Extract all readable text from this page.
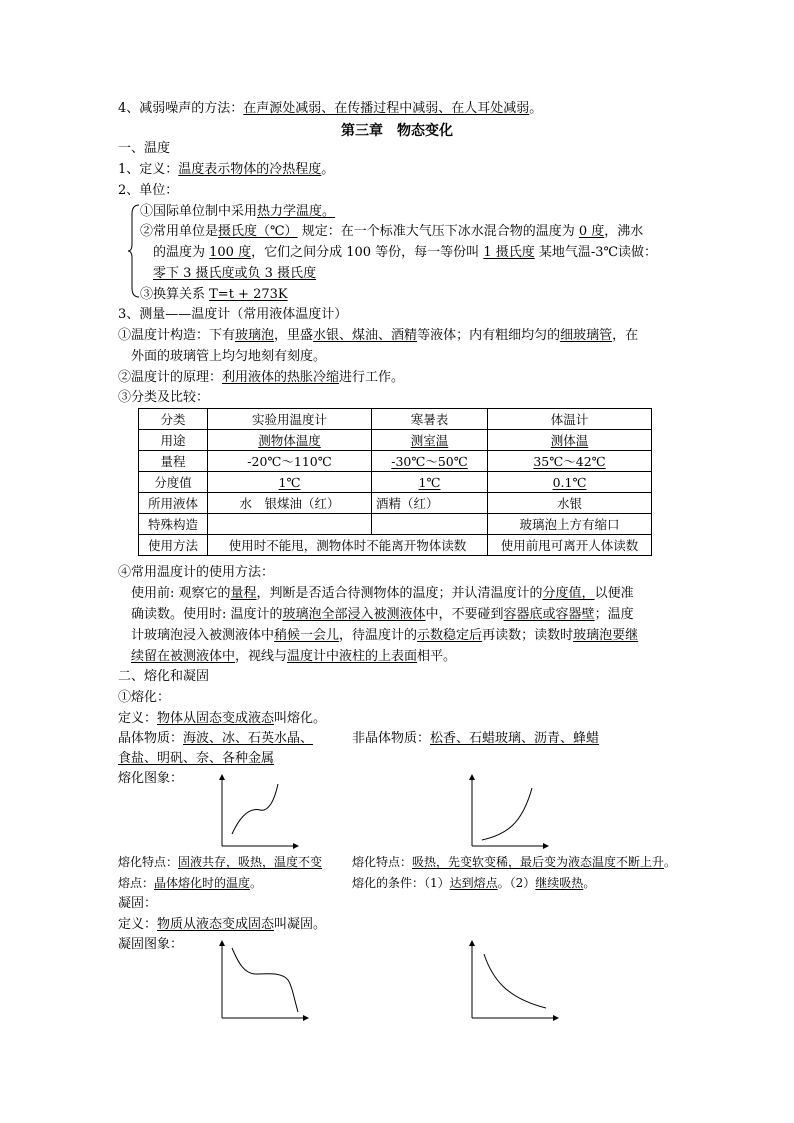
4、减弱噪声的方法：在声源处减弱、在传播过程中减弱、在人耳处减弱。
第三章　物态变化
一、温度
1、定义：温度表示物体的冷热程度。
2、单位：
①国际单位制中采用热力学温度。
②常用单位是摄氏度（℃） 规定：在一个标准大气压下冰水混合物的温度为 0 度，沸水
的温度为 100 度，它们之间分成 100 等份，每一等份叫 1 摄氏度 某地气温-3℃读做：
零下 3 摄氏度或负 3 摄氏度
③换算关系 T=t + 273K
3、测量——温度计（常用液体温度计）
①温度计构造：下有玻璃泡，里盛水银、煤油、酒精等液体；内有粗细均匀的细玻璃管，在
外面的玻璃管上均匀地刻有刻度。
②温度计的原理：利用液体的热胀冷缩进行工作。
③分类及比较：
分类	实验用温度计	寒暑表	体温计
用途	测物体温度	测室温	测体温
量程	-20℃～110℃	-30℃～50℃	35℃～42℃
分度值	1℃	1℃	0.1℃
所用液体	水　银煤油（红）	酒精（红）	水银
特殊构造			玻璃泡上方有缩口
使用方法	使用时不能甩，测物体时不能离开物体读数		使用前甩可离开人体读数
④常用温度计的使用方法：
使用前: 观察它的量程，判断是否适合待测物体的温度；并认清温度计的分度值，以便准
确读数。使用时: 温度计的玻璃泡全部浸入被测液体中，不要碰到容器底或容器壁；温度
计玻璃泡浸入被测液体中稍候一会儿，待温度计的示数稳定后再读数；读数时玻璃泡要继
续留在被测液体中，视线与温度计中液柱的上表面相平。
二、熔化和凝固
①熔化：
定义：物体从固态变成液态叫熔化。
晶体物质：海波、冰、石英水晶、	非晶体物质：松香、石蜡玻璃、沥青、蜂蜡
食盐、明矾、奈、各种金属
熔化图象：
熔化特点：固液共存，吸热，温度不变 熔化特点：吸热，先变软变稀，最后变为液态温度不断上升。
熔点：晶体熔化时的温度。	熔化的条件：（1）达到熔点。（2）继续吸热。
凝固：
定义：物质从液态变成固态叫凝固。
凝固图象：
